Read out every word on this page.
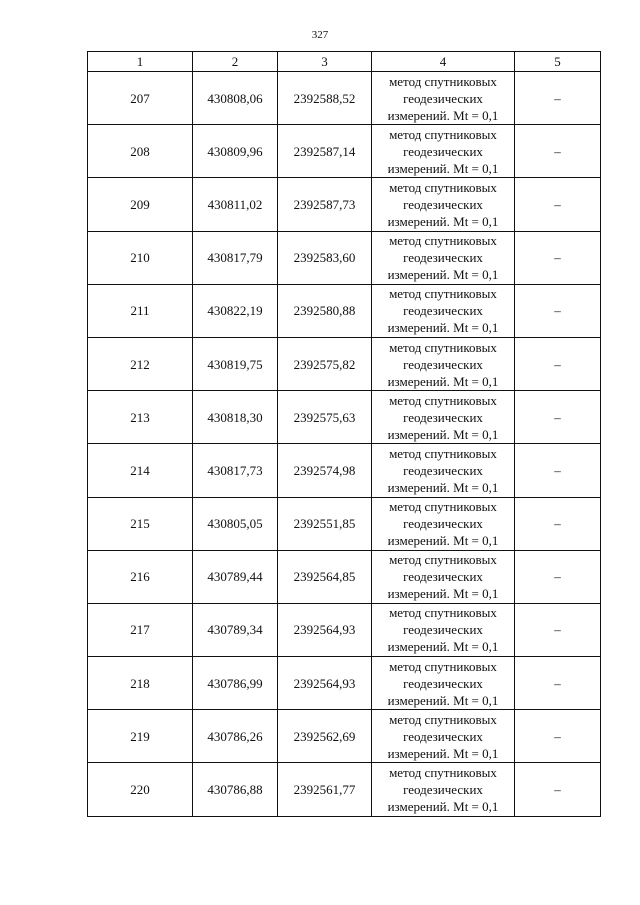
327
1	2	3	4	5
207	430808,06	2392588,52	метод спутниковых геодезических измерений. Mt = 0,1	–
208	430809,96	2392587,14	метод спутниковых геодезических измерений. Mt = 0,1	–
209	430811,02	2392587,73	метод спутниковых геодезических измерений. Mt = 0,1	–
210	430817,79	2392583,60	метод спутниковых геодезических измерений. Mt = 0,1	–
211	430822,19	2392580,88	метод спутниковых геодезических измерений. Mt = 0,1	–
212	430819,75	2392575,82	метод спутниковых геодезических измерений. Mt = 0,1	–
213	430818,30	2392575,63	метод спутниковых геодезических измерений. Mt = 0,1	–
214	430817,73	2392574,98	метод спутниковых геодезических измерений. Mt = 0,1	–
215	430805,05	2392551,85	метод спутниковых геодезических измерений. Mt = 0,1	–
216	430789,44	2392564,85	метод спутниковых геодезических измерений. Mt = 0,1	–
217	430789,34	2392564,93	метод спутниковых геодезических измерений. Mt = 0,1	–
218	430786,99	2392564,93	метод спутниковых геодезических измерений. Mt = 0,1	–
219	430786,26	2392562,69	метод спутниковых геодезических измерений. Mt = 0,1	–
220	430786,88	2392561,77	метод спутниковых геодезических измерений. Mt = 0,1	–
